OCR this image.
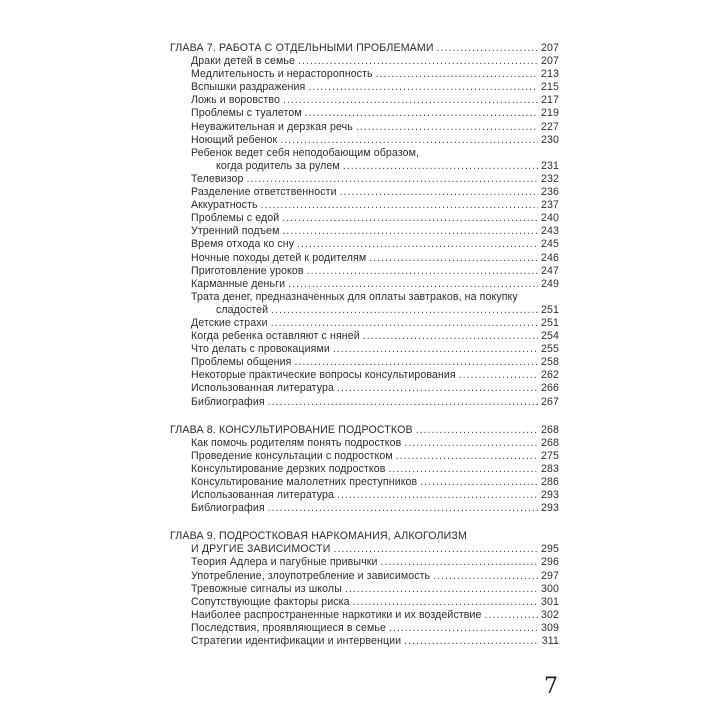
ГЛАВА 7. РАБОТА С ОТДЕЛЬНЫМИ ПРОБЛЕМАМИ .....	207
Драки детей в семье .....	207
Медлительность и нерасторопность .....	213
Вспышки раздражения .....	215
Ложь и воровство .....	217
Проблемы с туалетом .....	219
Неуважительная и дерзкая речь .....	227
Ноющий ребенок .....	230
Ребенок ведет себя неподобающим образом,
когда родитель за рулем .....	231
Телевизор .....	232
Разделение ответственности .....	236
Аккуратность .....	237
Проблемы с едой .....	240
Утренний подъем .....	243
Время отхода ко сну .....	245
Ночные походы детей к родителям .....	246
Приготовление уроков .....	247
Карманные деньги .....	249
Трата денег, предназначенных для оплаты завтраков, на покупку
сладостей .....	251
Детские страхи .....	251
Когда ребенка оставляют с няней .....	254
Что делать с провокациями .....	255
Проблемы общения .....	258
Некоторые практические вопросы консультирования .....	262
Использованная литература .....	266
Библиография .....	267
ГЛАВА 8. КОНСУЛЬТИРОВАНИЕ ПОДРОСТКОВ .....	268
Как помочь родителям понять подростков .....	268
Проведение консультации с подростком .....	275
Консультирование дерзких подростков .....	283
Консультирование малолетних преступников .....	286
Использованная литература .....	293
Библиография .....	293
ГЛАВА 9. ПОДРОСТКОВАЯ НАРКОМАНИЯ, АЛКОГОЛИЗМ
И ДРУГИЕ ЗАВИСИМОСТИ .....	295
Теория Адлера и пагубные привычки .....	296
Употребление, злоупотребление и зависимость .....	297
Тревожные сигналы из школы .....	300
Сопутствующие факторы риска .....	301
Наиболее распространенные наркотики и их воздействие .....	302
Последствия, проявляющиеся в семье .....	309
Стратегии идентификации и интервенции .....	311
7
